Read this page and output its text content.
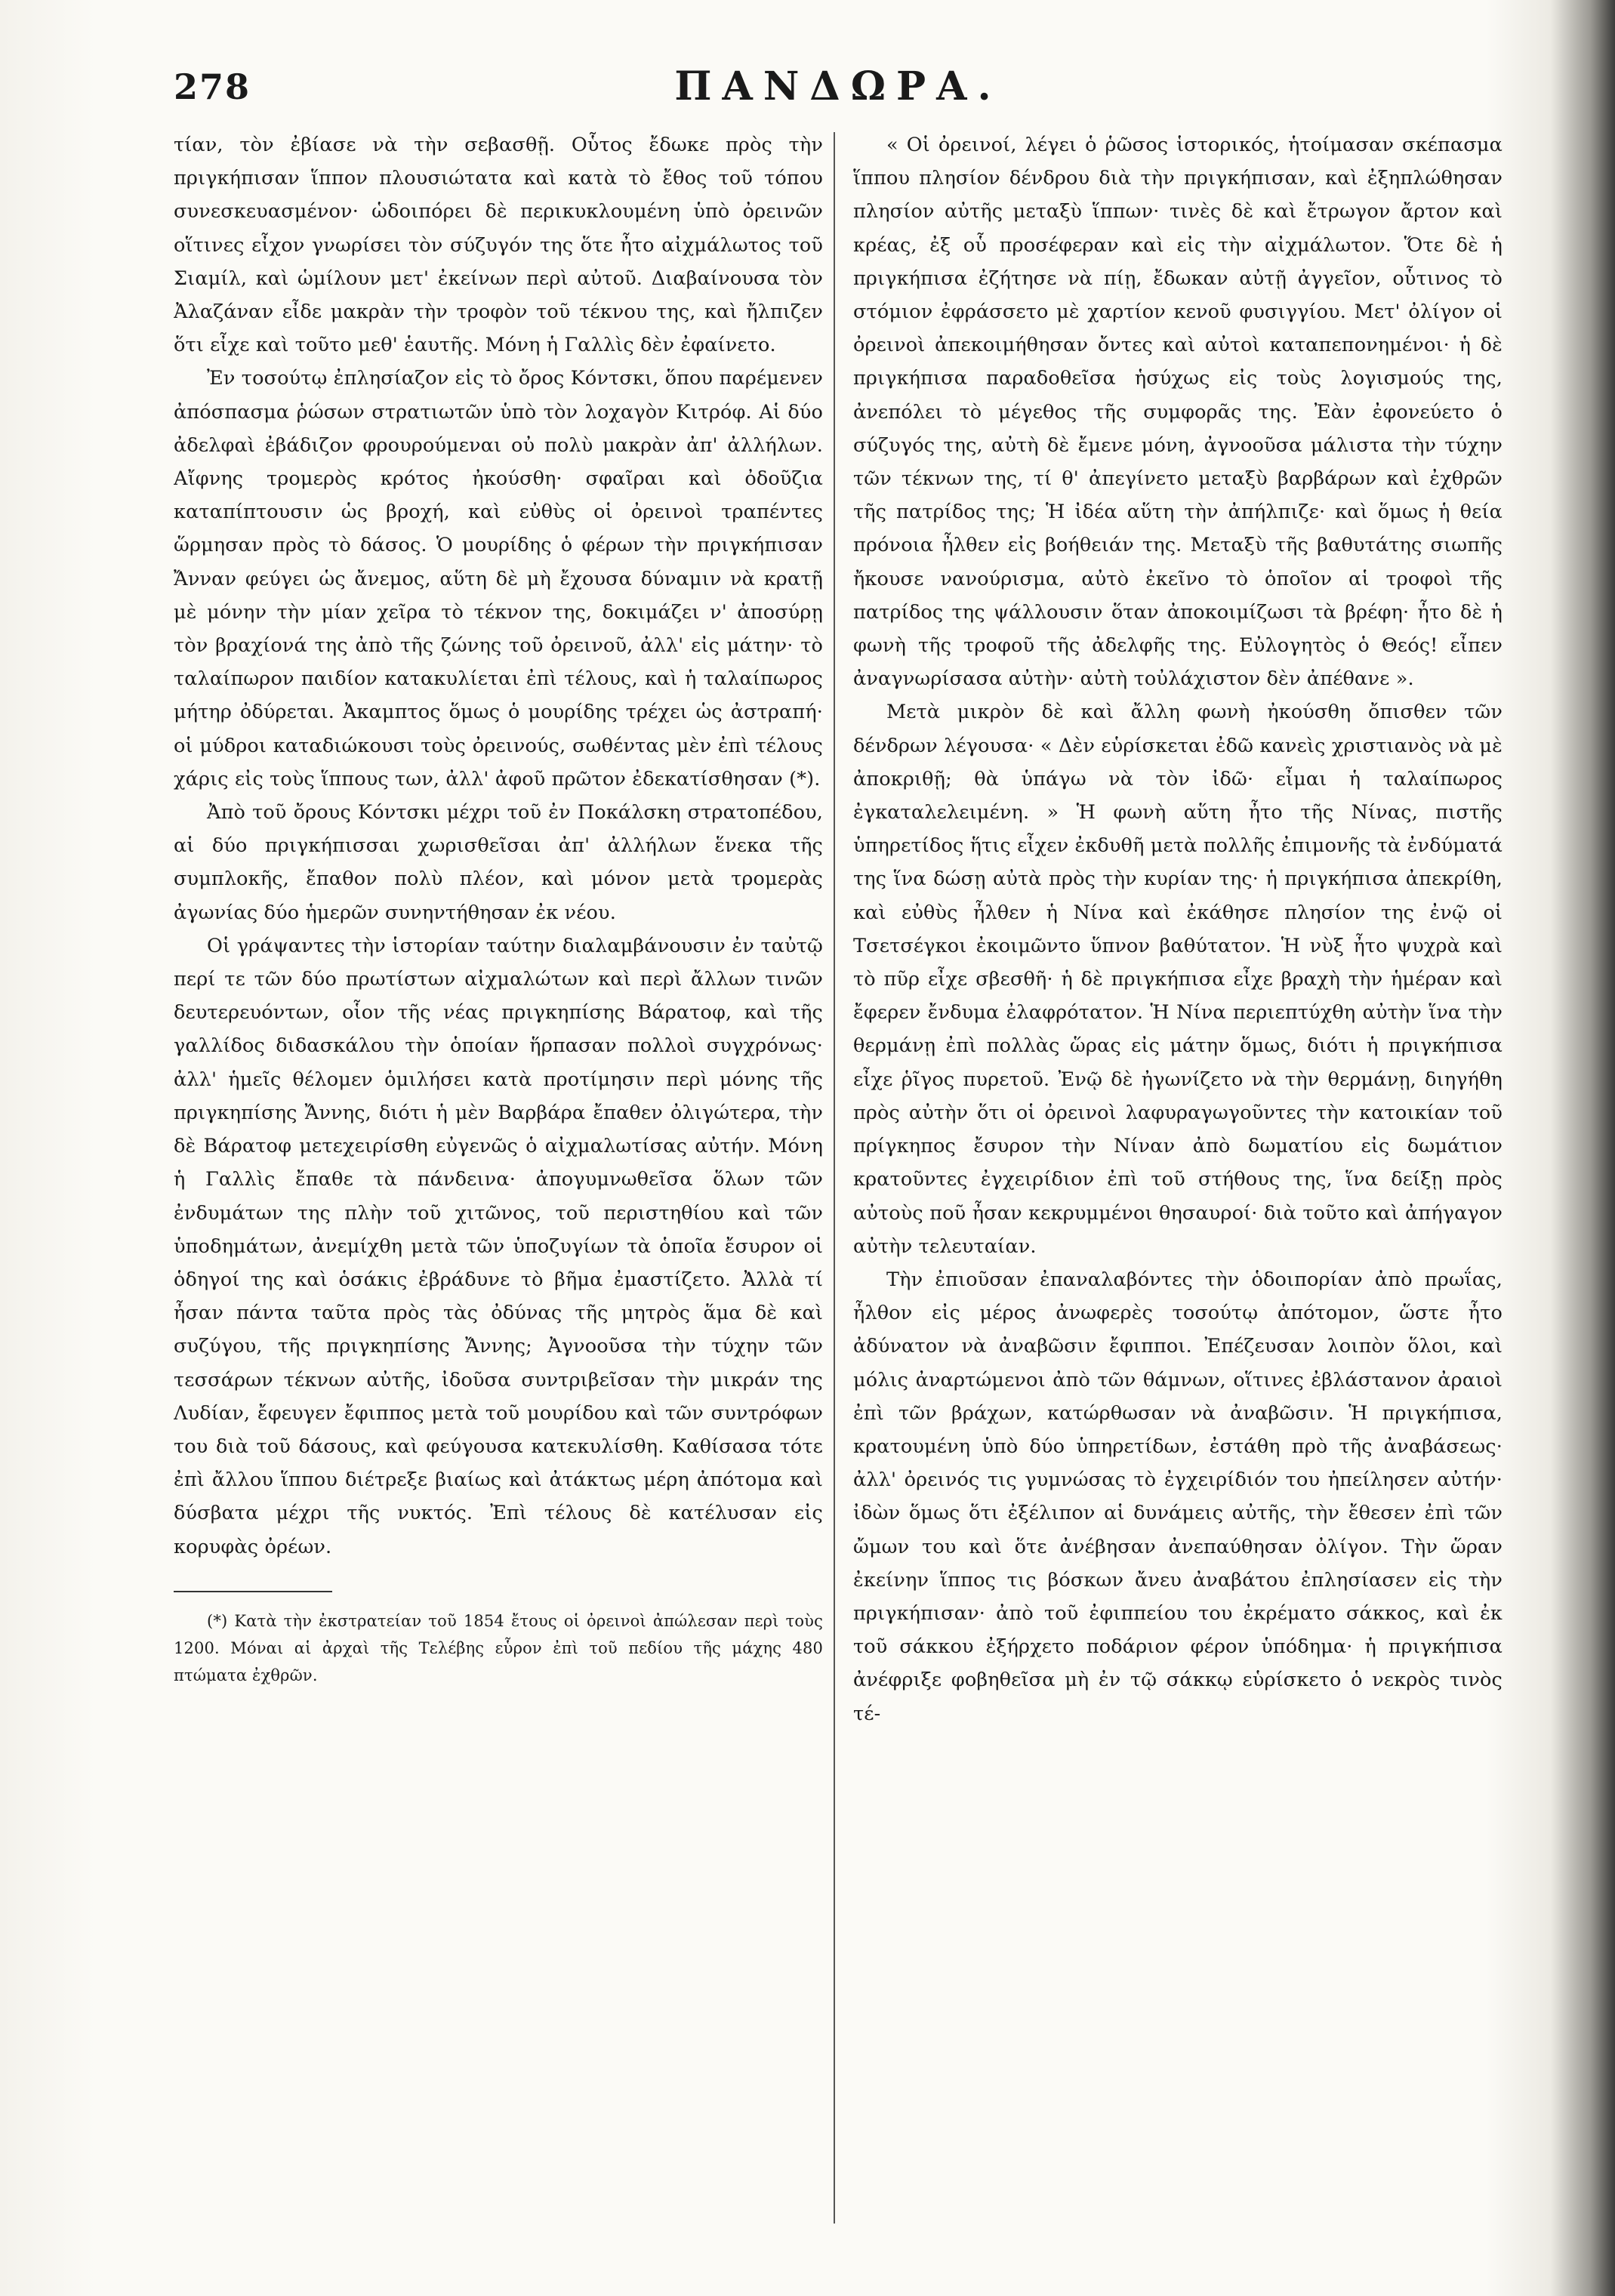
278	ΠΑΝΔΩΡΑ.

τίαν, τὸν ἐβίασε νὰ τὴν σεβασθῇ. Οὗτος ἔδωκε πρὸς τὴν πριγκήπισαν ἵππον πλουσιώτατα καὶ κατὰ τὸ ἔθος τοῦ τόπου συνεσκευασμένον· ὡδοιπόρει δὲ περικυκλουμένη ὑπὸ ὀρεινῶν οἵτινες εἶχον γνωρίσει τὸν σύζυγόν της ὅτε ἦτο αἰχμάλωτος τοῦ Σιαμίλ, καὶ ὡμίλουν μετ' ἐκείνων περὶ αὐτοῦ. Διαβαίνουσα τὸν Ἀλαζάναν εἶδε μακρὰν τὴν τροφὸν τοῦ τέκνου της, καὶ ἤλπιζεν ὅτι εἶχε καὶ τοῦτο μεθ' ἑαυτῆς. Μόνη ἡ Γαλλὶς δὲν ἐφαίνετο.

Ἐν τοσούτῳ ἐπλησίαζον εἰς τὸ ὄρος Κόντσκι, ὅπου παρέμενεν ἀπόσπασμα ῥώσων στρατιωτῶν ὑπὸ τὸν λοχαγὸν Κιτρόφ. Αἱ δύο ἀδελφαὶ ἐβάδιζον φρουρούμεναι οὐ πολὺ μακρὰν ἀπ' ἀλλήλων. Αἴφνης τρομερὸς κρότος ἠκούσθη· σφαῖραι καὶ ὀδοῦζια καταπίπτουσιν ὡς βροχή, καὶ εὐθὺς οἱ ὀρεινοὶ τραπέντες ὥρμησαν πρὸς τὸ δάσος. Ὁ μουρίδης ὁ φέρων τὴν πριγκήπισαν Ἄνναν φεύγει ὡς ἄνεμος, αὕτη δὲ μὴ ἔχουσα δύναμιν νὰ κρατῇ μὲ μόνην τὴν μίαν χεῖρα τὸ τέκνον της, δοκιμάζει ν' ἀποσύρῃ τὸν βραχίονά της ἀπὸ τῆς ζώνης τοῦ ὀρεινοῦ, ἀλλ' εἰς μάτην· τὸ ταλαίπωρον παιδίον κατακυλίεται ἐπὶ τέλους, καὶ ἡ ταλαίπωρος μήτηρ ὀδύρεται. Ἀκαμπτος ὅμως ὁ μουρίδης τρέχει ὡς ἀστραπή· οἱ μύδροι καταδιώκουσι τοὺς ὀρεινούς, σωθέντας μὲν ἐπὶ τέλους χάρις εἰς τοὺς ἵππους των, ἀλλ' ἀφοῦ πρῶτον ἐδεκατίσθησαν (*).

Ἀπὸ τοῦ ὄρους Κόντσκι μέχρι τοῦ ἐν Ποκάλσκη στρατοπέδου, αἱ δύο πριγκήπισσαι χωρισθεῖσαι ἀπ' ἀλλήλων ἕνεκα τῆς συμπλοκῆς, ἔπαθον πολὺ πλέον, καὶ μόνον μετὰ τρομερὰς ἀγωνίας δύο ἡμερῶν συνηντήθησαν ἐκ νέου.

Οἱ γράψαντες τὴν ἱστορίαν ταύτην διαλαμβάνουσιν ἐν ταὐτῷ περί τε τῶν δύο πρωτίστων αἰχμαλώτων καὶ περὶ ἄλλων τινῶν δευτερευόντων, οἷον τῆς νέας πριγκηπίσης Βάρατοφ, καὶ τῆς γαλλίδος διδασκάλου τὴν ὁποίαν ἥρπασαν πολλοὶ συγχρόνως· ἀλλ' ἡμεῖς θέλομεν ὁμιλήσει κατὰ προτίμησιν περὶ μόνης τῆς πριγκηπίσης Ἄννης, διότι ἡ μὲν Βαρβάρα ἔπαθεν ὀλιγώτερα, τὴν δὲ Βάρατοφ μετεχειρίσθη εὐγενῶς ὁ αἰχμαλωτίσας αὐτήν. Μόνη ἡ Γαλλὶς ἔπαθε τὰ πάνδεινα· ἀπογυμνωθεῖσα ὅλων τῶν ἐνδυμάτων της πλὴν τοῦ χιτῶνος, τοῦ περιστηθίου καὶ τῶν ὑποδημάτων, ἀνεμίχθη μετὰ τῶν ὑποζυγίων τὰ ὁποῖα ἔσυρον οἱ ὁδηγοί της καὶ ὁσάκις ἐβράδυνε τὸ βῆμα ἐμαστίζετο. Ἀλλὰ τί ἦσαν πάντα ταῦτα πρὸς τὰς ὀδύνας τῆς μητρὸς ἅμα δὲ καὶ συζύγου, τῆς πριγκηπίσης Ἄννης; Ἀγνοοῦσα τὴν τύχην τῶν τεσσάρων τέκνων αὐτῆς, ἰδοῦσα συντριβεῖσαν τὴν μικράν της Λυδίαν, ἔφευγεν ἔφιππος μετὰ τοῦ μουρίδου καὶ τῶν συντρόφων του διὰ τοῦ δάσους, καὶ φεύγουσα κατεκυλίσθη. Καθίσασα τότε ἐπὶ ἄλλου ἵππου διέτρεξε βιαίως καὶ ἀτάκτως μέρη ἀπότομα καὶ δύσβατα μέχρι τῆς νυκτός. Ἐπὶ τέλους δὲ κατέλυσαν εἰς κορυφὰς ὀρέων.

(*) Κατὰ τὴν ἐκστρατείαν τοῦ 1854 ἔτους οἱ ὀρεινοὶ ἀπώλεσαν περὶ τοὺς 1200. Μόναι αἱ ἀρχαὶ τῆς Τελέβης εὗρον ἐπὶ τοῦ πεδίου τῆς μάχης 480 πτώματα ἐχθρῶν.

« Οἱ ὀρεινοί, λέγει ὁ ῥῶσος ἱστορικός, ἡτοίμασαν σκέπασμα ἵππου πλησίον δένδρου διὰ τὴν πριγκήπισαν, καὶ ἐξηπλώθησαν πλησίον αὐτῆς μεταξὺ ἵππων· τινὲς δὲ καὶ ἔτρωγον ἄρτον καὶ κρέας, ἐξ οὗ προσέφεραν καὶ εἰς τὴν αἰχμάλωτον. Ὅτε δὲ ἡ πριγκήπισα ἐζήτησε νὰ πίῃ, ἔδωκαν αὐτῇ ἀγγεῖον, οὗτινος τὸ στόμιον ἐφράσσετο μὲ χαρτίον κενοῦ φυσιγγίου. Μετ' ὀλίγον οἱ ὀρεινοὶ ἀπεκοιμήθησαν ὄντες καὶ αὐτοὶ καταπεπονημένοι· ἡ δὲ πριγκήπισα παραδοθεῖσα ἡσύχως εἰς τοὺς λογισμούς της, ἀνεπόλει τὸ μέγεθος τῆς συμφορᾶς της. Ἐὰν ἐφονεύετο ὁ σύζυγός της, αὐτὴ δὲ ἔμενε μόνη, ἀγνοοῦσα μάλιστα τὴν τύχην τῶν τέκνων της, τί θ' ἀπεγίνετο μεταξὺ βαρβάρων καὶ ἐχθρῶν τῆς πατρίδος της; Ἡ ἰδέα αὕτη τὴν ἀπήλπιζε· καὶ ὅμως ἡ θεία πρόνοια ἦλθεν εἰς βοήθειάν της. Μεταξὺ τῆς βαθυτάτης σιωπῆς ἤκουσε νανούρισμα, αὐτὸ ἐκεῖνο τὸ ὁποῖον αἱ τροφοὶ τῆς πατρίδος της ψάλλουσιν ὅταν ἀποκοιμίζωσι τὰ βρέφη· ἦτο δὲ ἡ φωνὴ τῆς τροφοῦ τῆς ἀδελφῆς της. Εὐλογητὸς ὁ Θεός! εἶπεν ἀναγνωρίσασα αὐτὴν· αὐτὴ τοὐλάχιστον δὲν ἀπέθανε ».

Μετὰ μικρὸν δὲ καὶ ἄλλη φωνὴ ἠκούσθη ὄπισθεν τῶν δένδρων λέγουσα· « Δὲν εὑρίσκεται ἐδῶ κανεὶς χριστιανὸς νὰ μὲ ἀποκριθῇ; θὰ ὑπάγω νὰ τὸν ἰδῶ· εἶμαι ἡ ταλαίπωρος ἐγκαταλελειμένη. » Ἡ φωνὴ αὕτη ἦτο τῆς Νίνας, πιστῆς ὑπηρετίδος ἥτις εἶχεν ἐκδυθῆ μετὰ πολλῆς ἐπιμονῆς τὰ ἐνδύματά της ἵνα δώσῃ αὐτὰ πρὸς τὴν κυρίαν της· ἡ πριγκήπισα ἀπεκρίθη, καὶ εὐθὺς ἦλθεν ἡ Νίνα καὶ ἐκάθησε πλησίον της ἐνῷ οἱ Τσετσέγκοι ἐκοιμῶντο ὕπνον βαθύτατον. Ἡ νὺξ ἦτο ψυχρὰ καὶ τὸ πῦρ εἶχε σβεσθῆ· ἡ δὲ πριγκήπισα εἶχε βραχὴ τὴν ἡμέραν καὶ ἔφερεν ἔνδυμα ἐλαφρότατον. Ἡ Νίνα περιεπτύχθη αὐτὴν ἵνα τὴν θερμάνῃ ἐπὶ πολλὰς ὥρας εἰς μάτην ὅμως, διότι ἡ πριγκήπισα εἶχε ῥῖγος πυρετοῦ. Ἐνῷ δὲ ἠγωνίζετο νὰ τὴν θερμάνῃ, διηγήθη πρὸς αὐτὴν ὅτι οἱ ὀρεινοὶ λαφυραγωγοῦντες τὴν κατοικίαν τοῦ πρίγκηπος ἔσυρον τὴν Νίναν ἀπὸ δωματίου εἰς δωμάτιον κρατοῦντες ἐγχειρίδιον ἐπὶ τοῦ στήθους της, ἵνα δείξῃ πρὸς αὐτοὺς ποῦ ἦσαν κεκρυμμένοι θησαυροί· διὰ τοῦτο καὶ ἀπήγαγον αὐτὴν τελευταίαν.

Τὴν ἐπιοῦσαν ἐπαναλαβόντες τὴν ὁδοιπορίαν ἀπὸ πρωΐας, ἦλθον εἰς μέρος ἀνωφερὲς τοσούτῳ ἀπότομον, ὥστε ἦτο ἀδύνατον νὰ ἀναβῶσιν ἔφιπποι. Ἐπέζευσαν λοιπὸν ὅλοι, καὶ μόλις ἀναρτώμενοι ἀπὸ τῶν θάμνων, οἵτινες ἐβλάστανον ἀραιοὶ ἐπὶ τῶν βράχων, κατώρθωσαν νὰ ἀναβῶσιν. Ἡ πριγκήπισα, κρατουμένη ὑπὸ δύο ὑπηρετίδων, ἐστάθη πρὸ τῆς ἀναβάσεως· ἀλλ' ὀρεινός τις γυμνώσας τὸ ἐγχειρίδιόν του ἠπείλησεν αὐτήν· ἰδὼν ὅμως ὅτι ἐξέλιπον αἱ δυνάμεις αὐτῆς, τὴν ἔθεσεν ἐπὶ τῶν ὤμων του καὶ ὅτε ἀνέβησαν ἀνεπαύθησαν ὀλίγον. Τὴν ὥραν ἐκείνην ἵππος τις βόσκων ἄνευ ἀναβάτου ἐπλησίασεν εἰς τὴν πριγκήπισαν· ἀπὸ τοῦ ἐφιππείου του ἐκρέματο σάκκος, καὶ ἐκ τοῦ σάκκου ἐξήρχετο ποδάριον φέρον ὑπόδημα· ἡ πριγκήπισα ἀνέφριξε φοβηθεῖσα μὴ ἐν τῷ σάκκῳ εὑρίσκετο ὁ νεκρὸς τινὸς τέ-
